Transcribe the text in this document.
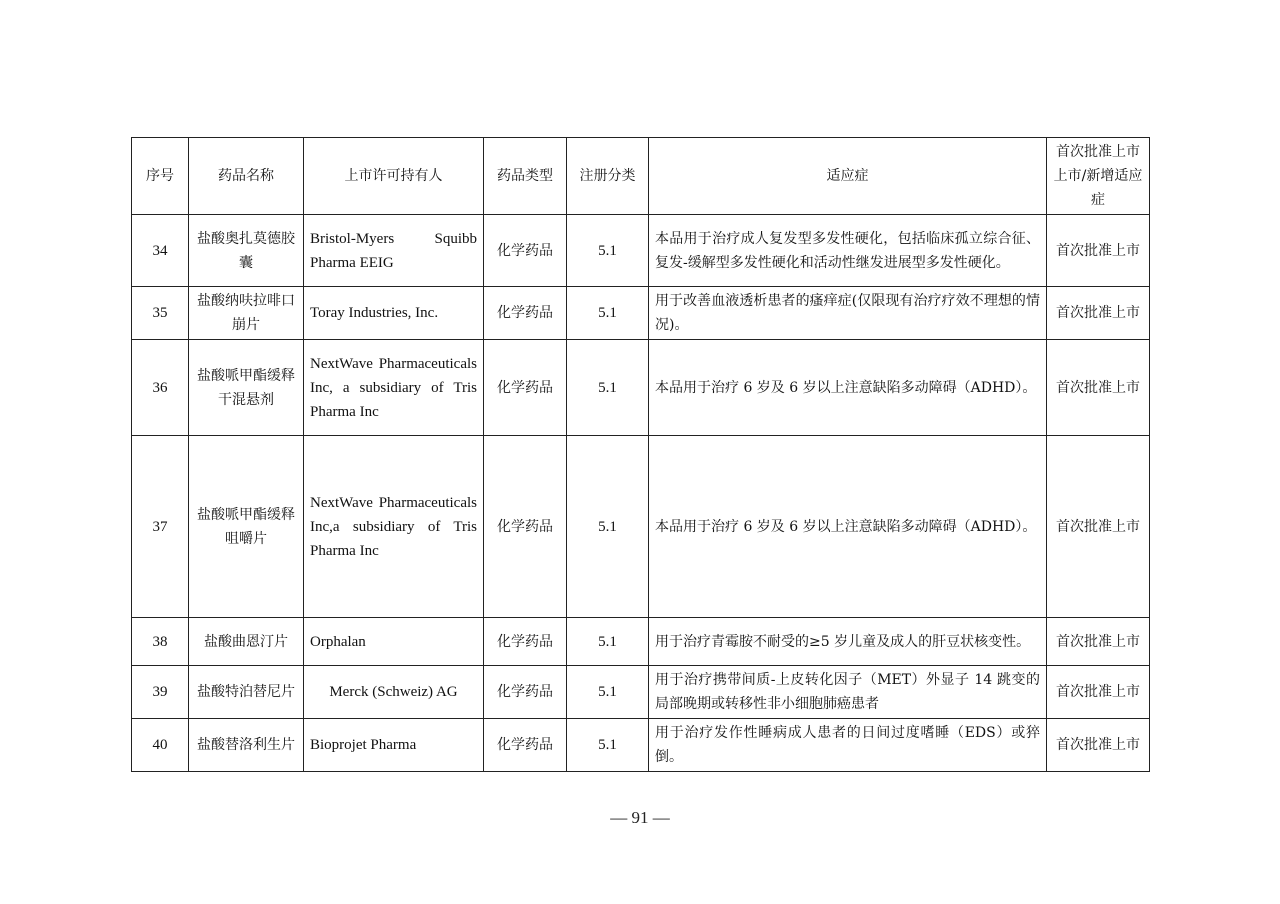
序号	药品名称	上市许可持有人	药品类型	注册分类	适应症	首次批准上市上市/新增适应症
34	盐酸奥扎莫德胶囊	Bristol-Myers Squibb Pharma EEIG	化学药品	5.1	本品用于治疗成人复发型多发性硬化，包括临床孤立综合征、复发-缓解型多发性硬化和活动性继发进展型多发性硬化。	首次批准上市
35	盐酸纳呋拉啡口崩片	Toray Industries, Inc.	化学药品	5.1	用于改善血液透析患者的瘙痒症(仅限现有治疗疗效不理想的情况)。	首次批准上市
36	盐酸哌甲酯缓释干混悬剂	NextWave Pharmaceuticals Inc, a subsidiary of Tris Pharma Inc	化学药品	5.1	本品用于治疗 6 岁及 6 岁以上注意缺陷多动障碍（ADHD）。	首次批准上市
37	盐酸哌甲酯缓释咀嚼片	NextWave Pharmaceuticals Inc,a subsidiary of Tris Pharma Inc	化学药品	5.1	本品用于治疗 6 岁及 6 岁以上注意缺陷多动障碍（ADHD）。	首次批准上市
38	盐酸曲恩汀片	Orphalan	化学药品	5.1	用于治疗青霉胺不耐受的≥5 岁儿童及成人的肝豆状核变性。	首次批准上市
39	盐酸特泊替尼片	Merck (Schweiz) AG	化学药品	5.1	用于治疗携带间质-上皮转化因子（MET）外显子 14 跳变的局部晚期或转移性非小细胞肺癌患者	首次批准上市
40	盐酸替洛利生片	Bioprojet Pharma	化学药品	5.1	用于治疗发作性睡病成人患者的日间过度嗜睡（EDS）或猝倒。	首次批准上市
— 91 —
